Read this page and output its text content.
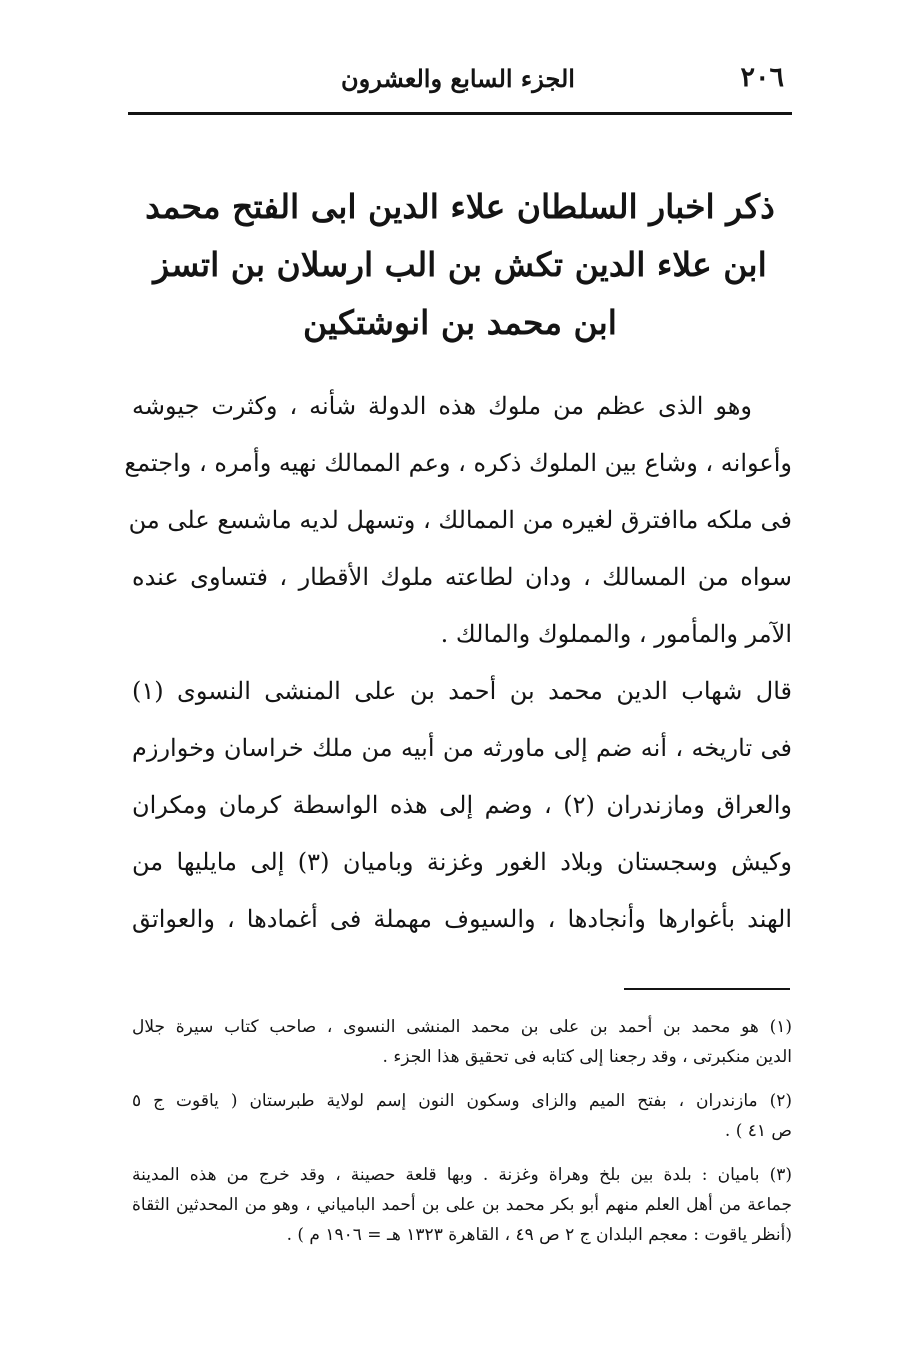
٢٠٦
الجزء السابع والعشرون
ذكر اخبار السلطان علاء الدين ابى الفتح محمد
ابن علاء الدين تكش بن الب ارسلان بن اتسز
ابن محمد بن انوشتكين
وهو الذى عظم من ملوك هذه الدولة شأنه ، وكثرت جيوشه
وأعوانه ، وشاع بين الملوك ذكره ، وعم الممالك نهيه وأمره ، واجتمع
فى ملكه ماافترق لغيره من الممالك ، وتسهل لديه ماشسع على من
سواه من المسالك ، ودان لطاعته ملوك الأقطار ، فتساوى عنده
الآمر والمأمور ، والمملوك والمالك .
قال شهاب الدين محمد بن أحمد بن على المنشى النسوى (١)
فى تاريخه ، أنه ضم إلى ماورثه من أبيه من ملك خراسان وخوارزم
والعراق ومازندران (٢) ، وضم إلى هذه الواسطة كرمان ومكران
وكيش وسجستان وبلاد الغور وغزنة وباميان (٣) إلى مايليها من
الهند بأغوارها وأنجادها ، والسيوف مهملة فى أغمادها ، والعواتق
(١) هو محمد بن أحمد بن على بن محمد المنشى النسوى ، صاحب كتاب سيرة جلال
الدين منكبرتى ، وقد رجعنا إلى كتابه فى تحقيق هذا الجزء .
(٢) مازندران ، بفتح الميم والزاى وسكون النون إسم لولاية طبرستان ( ياقوت ج ٥
ص ٤١ ) .
(٣) باميان : بلدة بين بلخ وهراة وغزنة . وبها قلعة حصينة ، وقد خرج من هذه المدينة
جماعة من أهل العلم منهم أبو بكر محمد بن على بن أحمد البامياني ، وهو من المحدثين الثقاة
(أنظر ياقوت : معجم البلدان ج ٢ ص ٤٩ ، القاهرة ١٣٢٣ هـ = ١٩٠٦ م ) .
